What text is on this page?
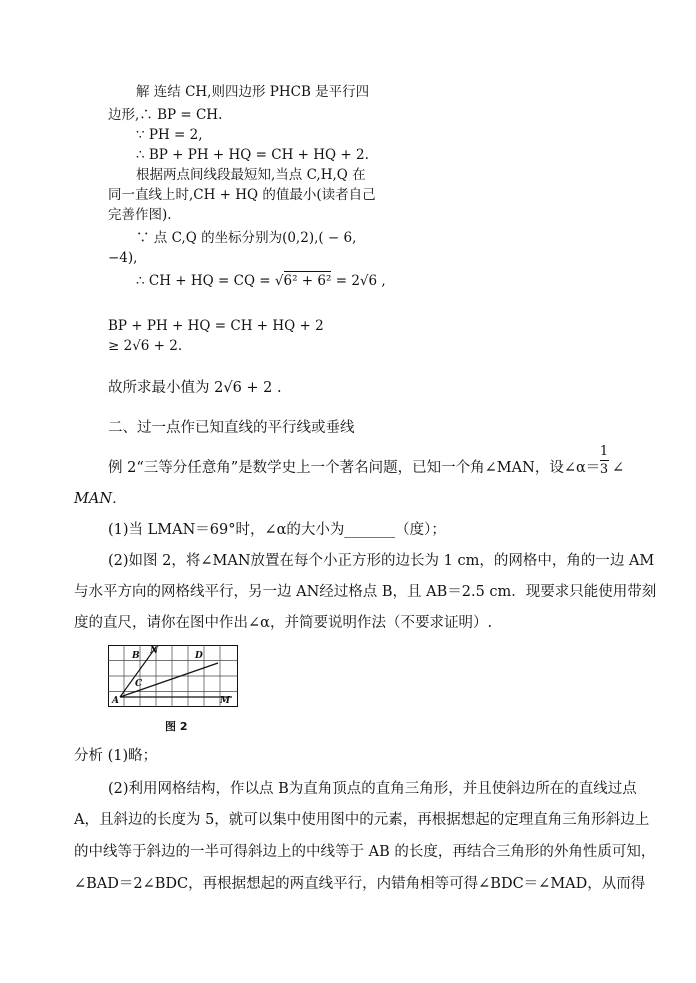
解 连结 CH,则四边形 PHCB 是平行四
边形,∴ BP = CH.
∵ PH = 2,
∴ BP + PH + HQ = CH + HQ + 2.
根据两点间线段最短知,当点 C,H,Q 在
同一直线上时,CH + HQ 的值最小(读者自己
完善作图).
∵ 点 C,Q 的坐标分别为(0,2),( − 6,
−4),
∴ CH + HQ = CQ = √6² + 6² = 2√6 ,
BP + PH + HQ = CH + HQ + 2
≥ 2√6 + 2.
故所求最小值为 2√6 + 2 .
二、过一点作已知直线的平行线或垂线
例 2“三等分任意角”是数学史上一个著名问题，已知一个角∠MAN，设∠α＝
1
3 ∠
MAN．
(1)当 LMAN＝69°时，∠α的大小为_______（度）；
(2)如图 2，将∠MAN放置在每个小正方形的边长为 1 cm，的网格中，角的一边 AM
与水平方向的网格线平行，另一边 AN经过格点 B，且 AB＝2.5 cm．现要求只能使用带刻
度的直尺，请你在图中作出∠α，并简要说明作法（不要求证明）.
B N	D
C
A	M
图 2
分析 (1)略；
(2)利用网格结构，作以点 B为直角顶点的直角三角形，并且使斜边所在的直线过点
A，且斜边的长度为 5，就可以集中使用图中的元素，再根据想起的定理直角三角形斜边上
的中线等于斜边的一半可得斜边上的中线等于 AB 的长度，再结合三角形的外角性质可知，
∠BAD＝2∠BDC，再根据想起的两直线平行，内错角相等可得∠BDC＝∠MAD，从而得
